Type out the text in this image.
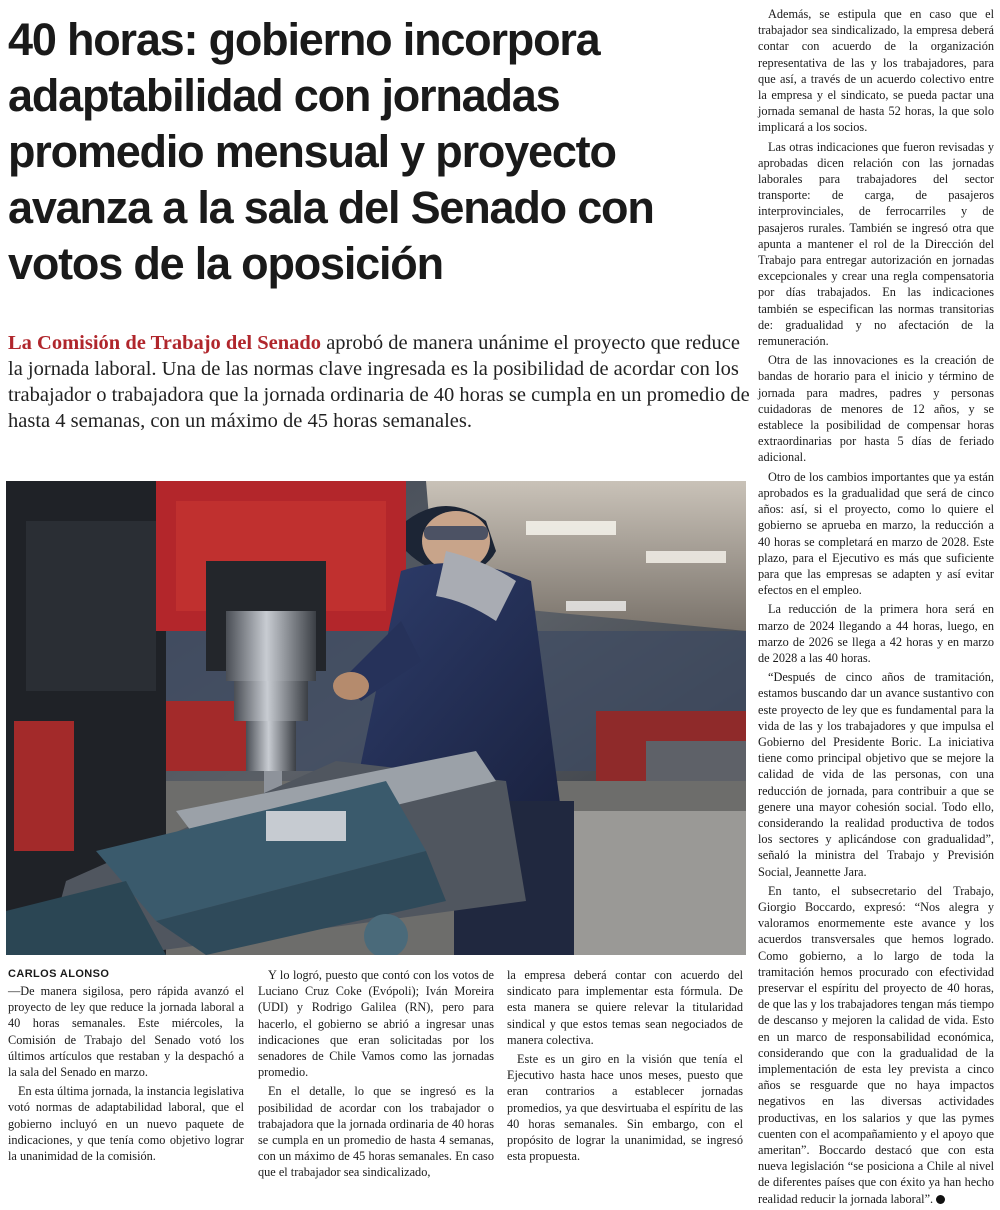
40 horas: gobierno incorpora adaptabilidad con jornadas promedio mensual y proyecto avanza a la sala del Senado con votos de la oposición

La Comisión de Trabajo del Senado aprobó de manera unánime el proyecto que reduce la jornada laboral. Una de las normas clave ingresada es la posibilidad de acordar con los trabajador o trabajadora que la jornada ordinaria de 40 horas se cumpla en un promedio de hasta 4 semanas, con un máximo de 45 horas semanales.

CARLOS ALONSO

—De manera sigilosa, pero rápida avanzó el proyecto de ley que reduce la jornada laboral a 40 horas semanales. Este miércoles, la Comisión de Trabajo del Senado votó los últimos artículos que restaban y la despachó a la sala del Senado en marzo.

En esta última jornada, la instancia legislativa votó normas de adaptabilidad laboral, que el gobierno incluyó en un nuevo paquete de indicaciones, y que tenía como objetivo lograr la unanimidad de la comisión.

Y lo logró, puesto que contó con los votos de Luciano Cruz Coke (Evópoli); Iván Moreira (UDI) y Rodrigo Galilea (RN), pero para hacerlo, el gobierno se abrió a ingresar unas indicaciones que eran solicitadas por los senadores de Chile Vamos como las jornadas promedio.

En el detalle, lo que se ingresó es la posibilidad de acordar con los trabajador o trabajadora que la jornada ordinaria de 40 horas se cumpla en un promedio de hasta 4 semanas, con un máximo de 45 horas semanales. En caso que el trabajador sea sindicalizado,

la empresa deberá contar con acuerdo del sindicato para implementar esta fórmula. De esta manera se quiere relevar la titularidad sindical y que estos temas sean negociados de manera colectiva.

Este es un giro en la visión que tenía el Ejecutivo hasta hace unos meses, puesto que eran contrarios a establecer jornadas promedios, ya que desvirtuaba el espíritu de las 40 horas semanales. Sin embargo, con el propósito de lograr la unanimidad, se ingresó esta propuesta.

Además, se estipula que en caso que el trabajador sea sindicalizado, la empresa deberá contar con acuerdo de la organización representativa de las y los trabajadores, para que así, a través de un acuerdo colectivo entre la empresa y el sindicato, se pueda pactar una jornada semanal de hasta 52 horas, la que solo implicará a los socios.

Las otras indicaciones que fueron revisadas y aprobadas dicen relación con las jornadas laborales para trabajadores del sector transporte: de carga, de pasajeros interprovinciales, de ferrocarriles y de pasajeros rurales. También se ingresó otra que apunta a mantener el rol de la Dirección del Trabajo para entregar autorización en jornadas excepcionales y crear una regla compensatoria por días trabajados. En las indicaciones también se especifican las normas transitorias de: gradualidad y no afectación de la remuneración.

Otra de las innovaciones es la creación de bandas de horario para el inicio y término de jornada para madres, padres y personas cuidadoras de menores de 12 años, y se establece la posibilidad de compensar horas extraordinarias por hasta 5 días de feriado adicional.

Otro de los cambios importantes que ya están aprobados es la gradualidad que será de cinco años: así, si el proyecto, como lo quiere el gobierno se aprueba en marzo, la reducción a 40 horas se completará en marzo de 2028. Este plazo, para el Ejecutivo es más que suficiente para que las empresas se adapten y así evitar efectos en el empleo.

La reducción de la primera hora será en marzo de 2024 llegando a 44 horas, luego, en marzo de 2026 se llega a 42 horas y en marzo de 2028 a las 40 horas.

“Después de cinco años de tramitación, estamos buscando dar un avance sustantivo con este proyecto de ley que es fundamental para la vida de las y los trabajadores y que impulsa el Gobierno del Presidente Boric. La iniciativa tiene como principal objetivo que se mejore la calidad de vida de las personas, con una reducción de jornada, para contribuir a que se genere una mayor cohesión social. Todo ello, considerando la realidad productiva de todos los sectores y aplicándose con gradualidad”, señaló la ministra del Trabajo y Previsión Social, Jeannette Jara.

En tanto, el subsecretario del Trabajo, Giorgio Boccardo, expresó: “Nos alegra y valoramos enormemente este avance y los acuerdos transversales que hemos logrado. Como gobierno, a lo largo de toda la tramitación hemos procurado con efectividad preservar el espíritu del proyecto de 40 horas, de que las y los trabajadores tengan más tiempo de descanso y mejoren la calidad de vida. Esto en un marco de responsabilidad económica, considerando que con la gradualidad de la implementación de esta ley prevista a cinco años se resguarde que no haya impactos negativos en las diversas actividades productivas, en los salarios y que las pymes cuenten con el acompañamiento y el apoyo que ameritan”. Boccardo destacó que con esta nueva legislación “se posiciona a Chile al nivel de diferentes países que con éxito ya han hecho realidad reducir la jornada laboral”.
